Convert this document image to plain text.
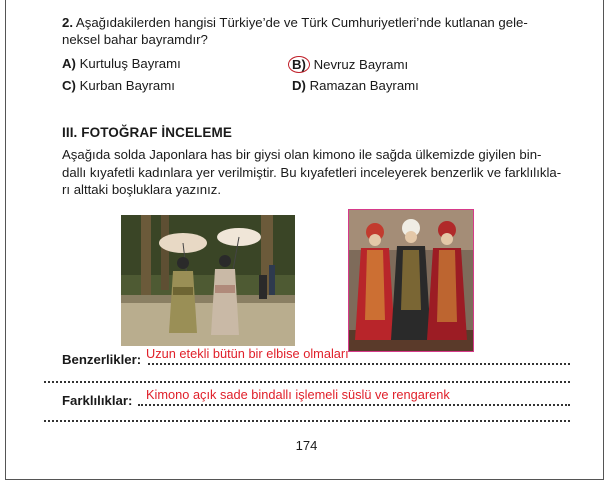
2. Aşağıdakilerden hangisi Türkiye’de ve Türk Cumhuriyetleri’nde kutlanan gele-
neksel bahar bayramdır?
A) Kurtuluş Bayramı	B) Nevruz Bayramı
C) Kurban Bayramı	D) Ramazan Bayramı
III. FOTOĞRAF İNCELEME
Aşağıda solda Japonlara has bir giysi olan kimono ile sağda ülkemizde giyilen bin-
dallı kıyafetli kadınlara yer verilmiştir. Bu kıyafetleri inceleyerek benzerlik ve farklılıkla-
rı alttaki boşluklara yazınız.
Benzerlikler: Uzun etekli bütün bir elbise olmaları
Farklılıklar: Kimono açık sade bindallı işlemeli süslü ve rengarenk
174
